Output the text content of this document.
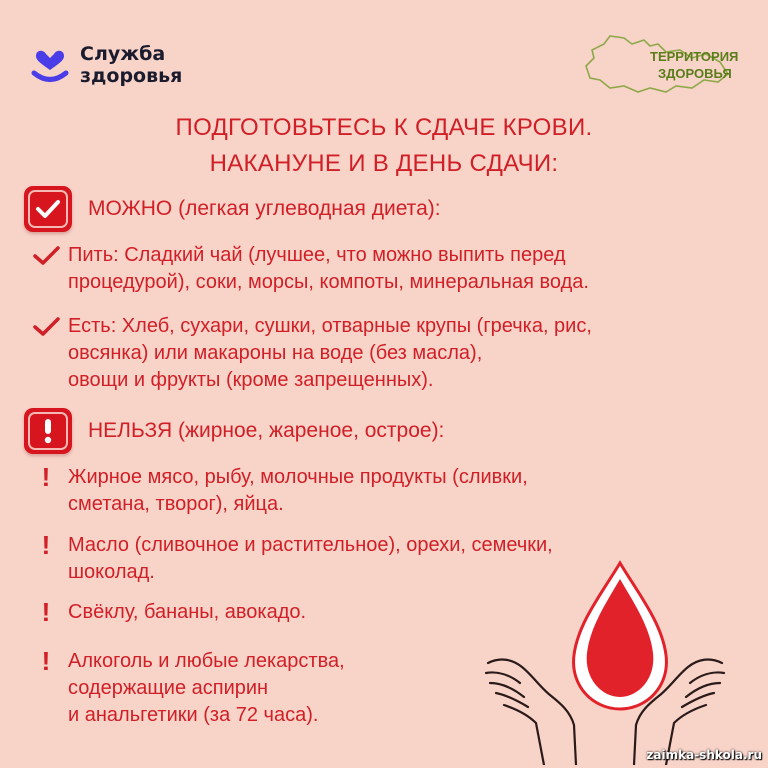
Служба
здоровья
ТЕРРИТОРИЯ
ЗДОРОВЬЯ
ПОДГОТОВЬТЕСЬ К СДАЧЕ КРОВИ.
НАКАНУНЕ И В ДЕНЬ СДАЧИ:
МОЖНО (легкая углеводная диета):
Пить: Сладкий чай (лучшее, что можно выпить перед
процедурой), соки, морсы, компоты, минеральная вода.
Есть: Хлеб, сухари, сушки, отварные крупы (гречка, рис,
овсянка) или макароны на воде (без масла),
овощи и фрукты (кроме запрещенных).
НЕЛЬЗЯ (жирное, жареное, острое):
! Жирное мясо, рыбу, молочные продукты (сливки,
сметана, творог), яйца.
! Масло (сливочное и растительное), орехи, семечки,
шоколад.
! Свёклу, бананы, авокадо.
! Алкоголь и любые лекарства,
содержащие аспирин
и анальгетики (за 72 часа).
zaimka-shkola.ru
